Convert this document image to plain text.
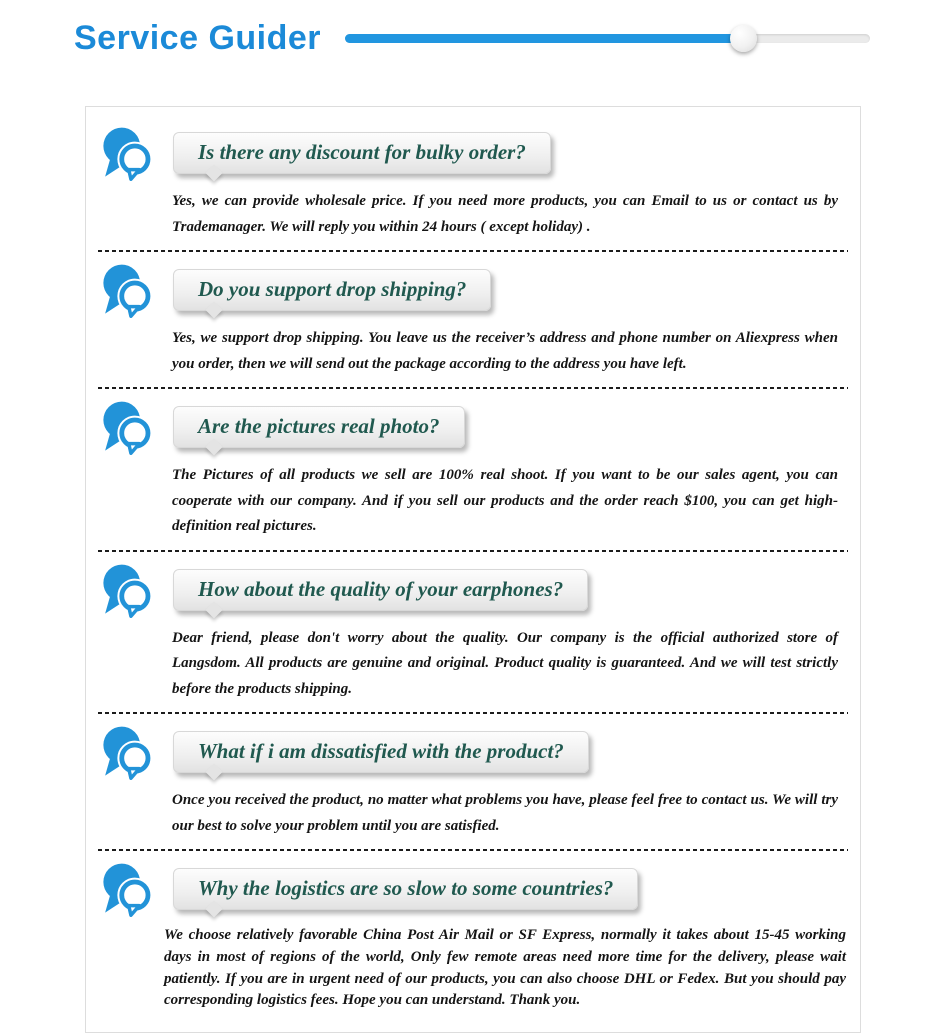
Service Guider
Is there any discount for bulky order?

Yes, we can provide wholesale price. If you need more products, you can Email to us or contact us by Trademanager. We will reply you within 24 hours ( except holiday) .

Do you support drop shipping?

Yes, we support drop shipping. You leave us the receiver’s address and phone number on Aliexpress when you order, then we will send out the package according to the address you have left.

Are the pictures real photo?

The Pictures of all products we sell are 100% real shoot. If you want to be our sales agent, you can cooperate with our company. And if you sell our products and the order reach $100, you can get high-definition real pictures.

How about the quality of your earphones?

Dear friend, please don't worry about the quality. Our company is the official authorized store of Langsdom. All products are genuine and original. Product quality is guaranteed. And we will test strictly before the products shipping.

What if i am dissatisfied with the product?

Once you received the product, no matter what problems you have, please feel free to contact us. We will try our best to solve your problem until you are satisfied.

Why the logistics are so slow to some countries?

We choose relatively favorable China Post Air Mail or SF Express, normally it takes about 15-45 working days in most of regions of the world, Only few remote areas need more time for the delivery, please wait patiently. If you are in urgent need of our products, you can also choose DHL or Fedex. But you should pay corresponding logistics fees. Hope you can understand. Thank you.
